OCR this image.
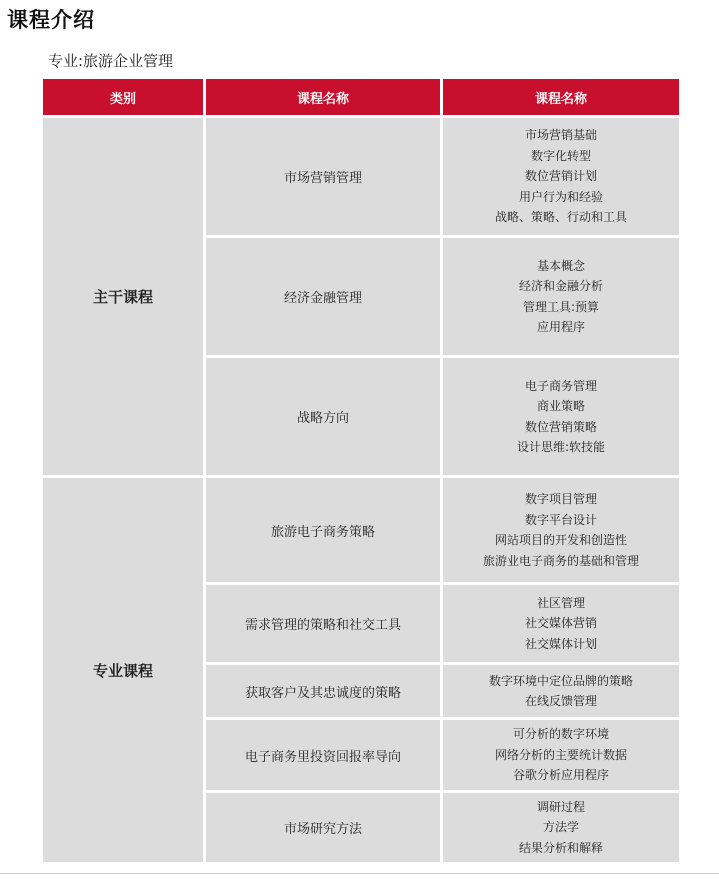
课程介绍
专业:旅游企业管理
类别	课程名称	课程名称
主干课程	市场营销管理	市场营销基础
数字化转型
数位营销计划
用户行为和经验
战略、策略、行动和工具

	经济金融管理	基本概念
经济和金融分析
管理工具:预算
应用程序

	战略方向	电子商务管理
商业策略
数位营销策略
设计思维:软技能

专业课程	旅游电子商务策略	数字项目管理
数字平台设计
网站项目的开发和创造性
旅游业电子商务的基础和管理

	需求管理的策略和社交工具	社区管理
社交媒体营销
社交媒体计划

	获取客户及其忠诚度的策略	数字环境中定位品牌的策略
在线反馈管理

	电子商务里投资回报率导向	可分析的数字环境
网络分析的主要统计数据
谷歌分析应用程序

	市场研究方法	调研过程
方法学
结果分析和解释
